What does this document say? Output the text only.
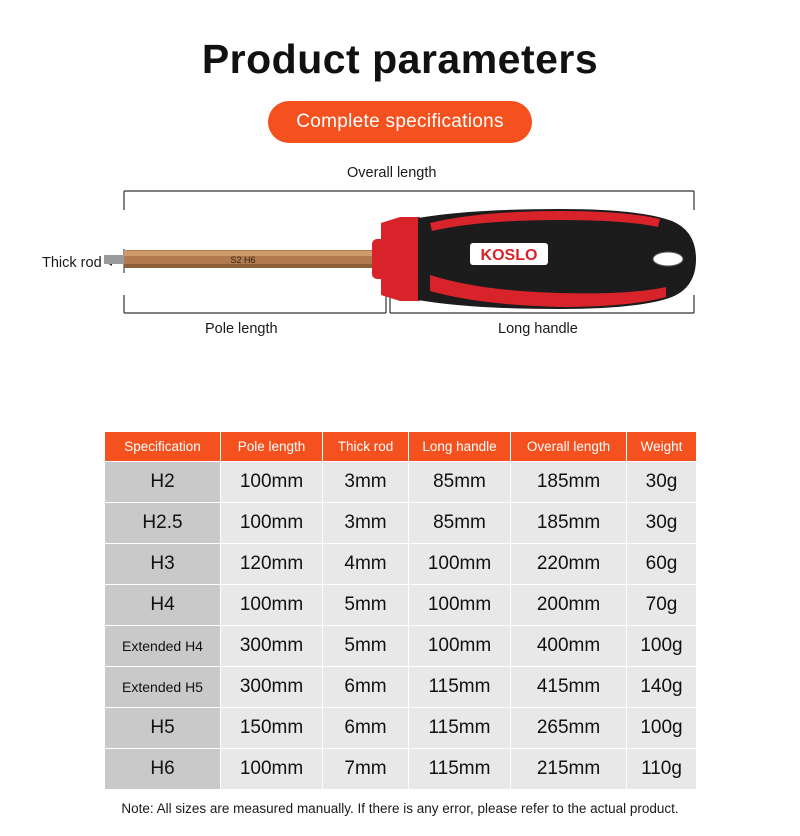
Product parameters
Complete specifications
Overall length
Pole length	Long handle
Thick rod	S2 H6	KOSLO
Specification	Pole length	Thick rod	Long handle	Overall length	Weight
H2	100mm	3mm	85mm	185mm	30g
H2.5	100mm	3mm	85mm	185mm	30g
H3	120mm	4mm	100mm	220mm	60g
H4	100mm	5mm	100mm	200mm	70g
Extended H4	300mm	5mm	100mm	400mm	100g
Extended H5	300mm	6mm	115mm	415mm	140g
H5	150mm	6mm	115mm	265mm	100g
H6	100mm	7mm	115mm	215mm	110g
Note: All sizes are measured manually. If there is any error, please refer to the actual product.
